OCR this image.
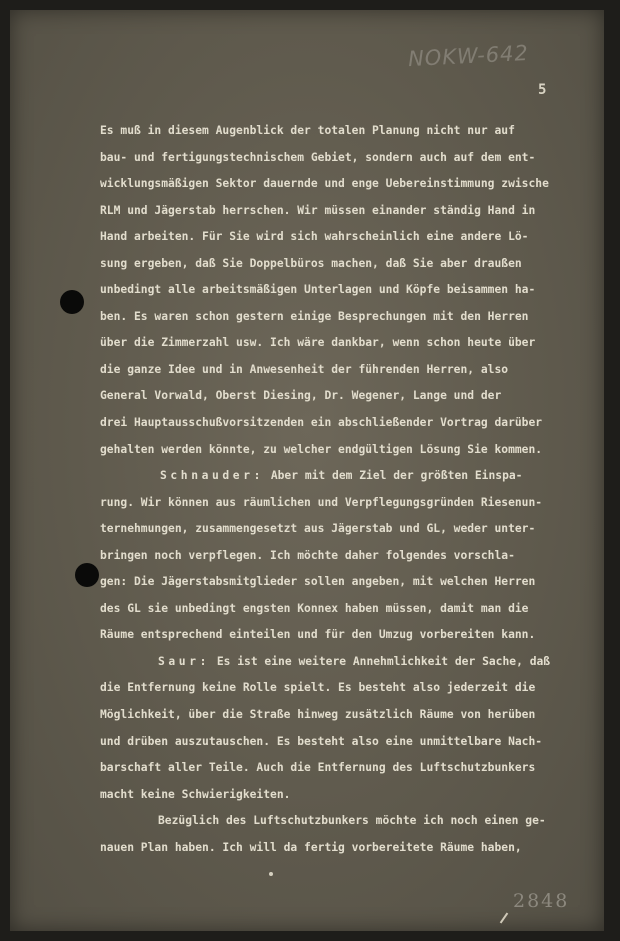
NOKW-642
5
Es muß in diesem Augenblick der totalen Planung nicht nur auf
bau- und fertigungstechnischem Gebiet, sondern auch auf dem ent-
wicklungsmäßigen Sektor dauernde und enge Uebereinstimmung zwische
RLM und Jägerstab herrschen. Wir müssen einander ständig Hand in
Hand arbeiten. Für Sie wird sich wahrscheinlich eine andere Lö-
sung ergeben, daß Sie Doppelbüros machen, daß Sie aber draußen
unbedingt alle arbeitsmäßigen Unterlagen und Köpfe beisammen ha-
ben. Es waren schon gestern einige Besprechungen mit den Herren
über die Zimmerzahl usw. Ich wäre dankbar, wenn schon heute über
die ganze Idee und in Anwesenheit der führenden Herren, also
General Vorwald, Oberst Diesing, Dr. Wegener, Lange und der
drei Hauptausschußvorsitzenden ein abschließender Vortrag darüber
gehalten werden könnte, zu welcher endgültigen Lösung Sie kommen.
Schnauder: Aber mit dem Ziel der größten Einspa-
rung. Wir können aus räumlichen und Verpflegungsgründen Riesenun-
ternehmungen, zusammengesetzt aus Jägerstab und GL, weder unter-
bringen noch verpflegen. Ich möchte daher folgendes vorschla-
gen: Die Jägerstabsmitglieder sollen angeben, mit welchen Herren
des GL sie unbedingt engsten Konnex haben müssen, damit man die
Räume entsprechend einteilen und für den Umzug vorbereiten kann.
Saur: Es ist eine weitere Annehmlichkeit der Sache, daß
die Entfernung keine Rolle spielt. Es besteht also jederzeit die
Möglichkeit, über die Straße hinweg zusätzlich Räume von herüben
und drüben auszutauschen. Es besteht also eine unmittelbare Nach-
barschaft aller Teile. Auch die Entfernung des Luftschutzbunkers
macht keine Schwierigkeiten.
Bezüglich des Luftschutzbunkers möchte ich noch einen ge-
nauen Plan haben. Ich will da fertig vorbereitete Räume haben,
2848
